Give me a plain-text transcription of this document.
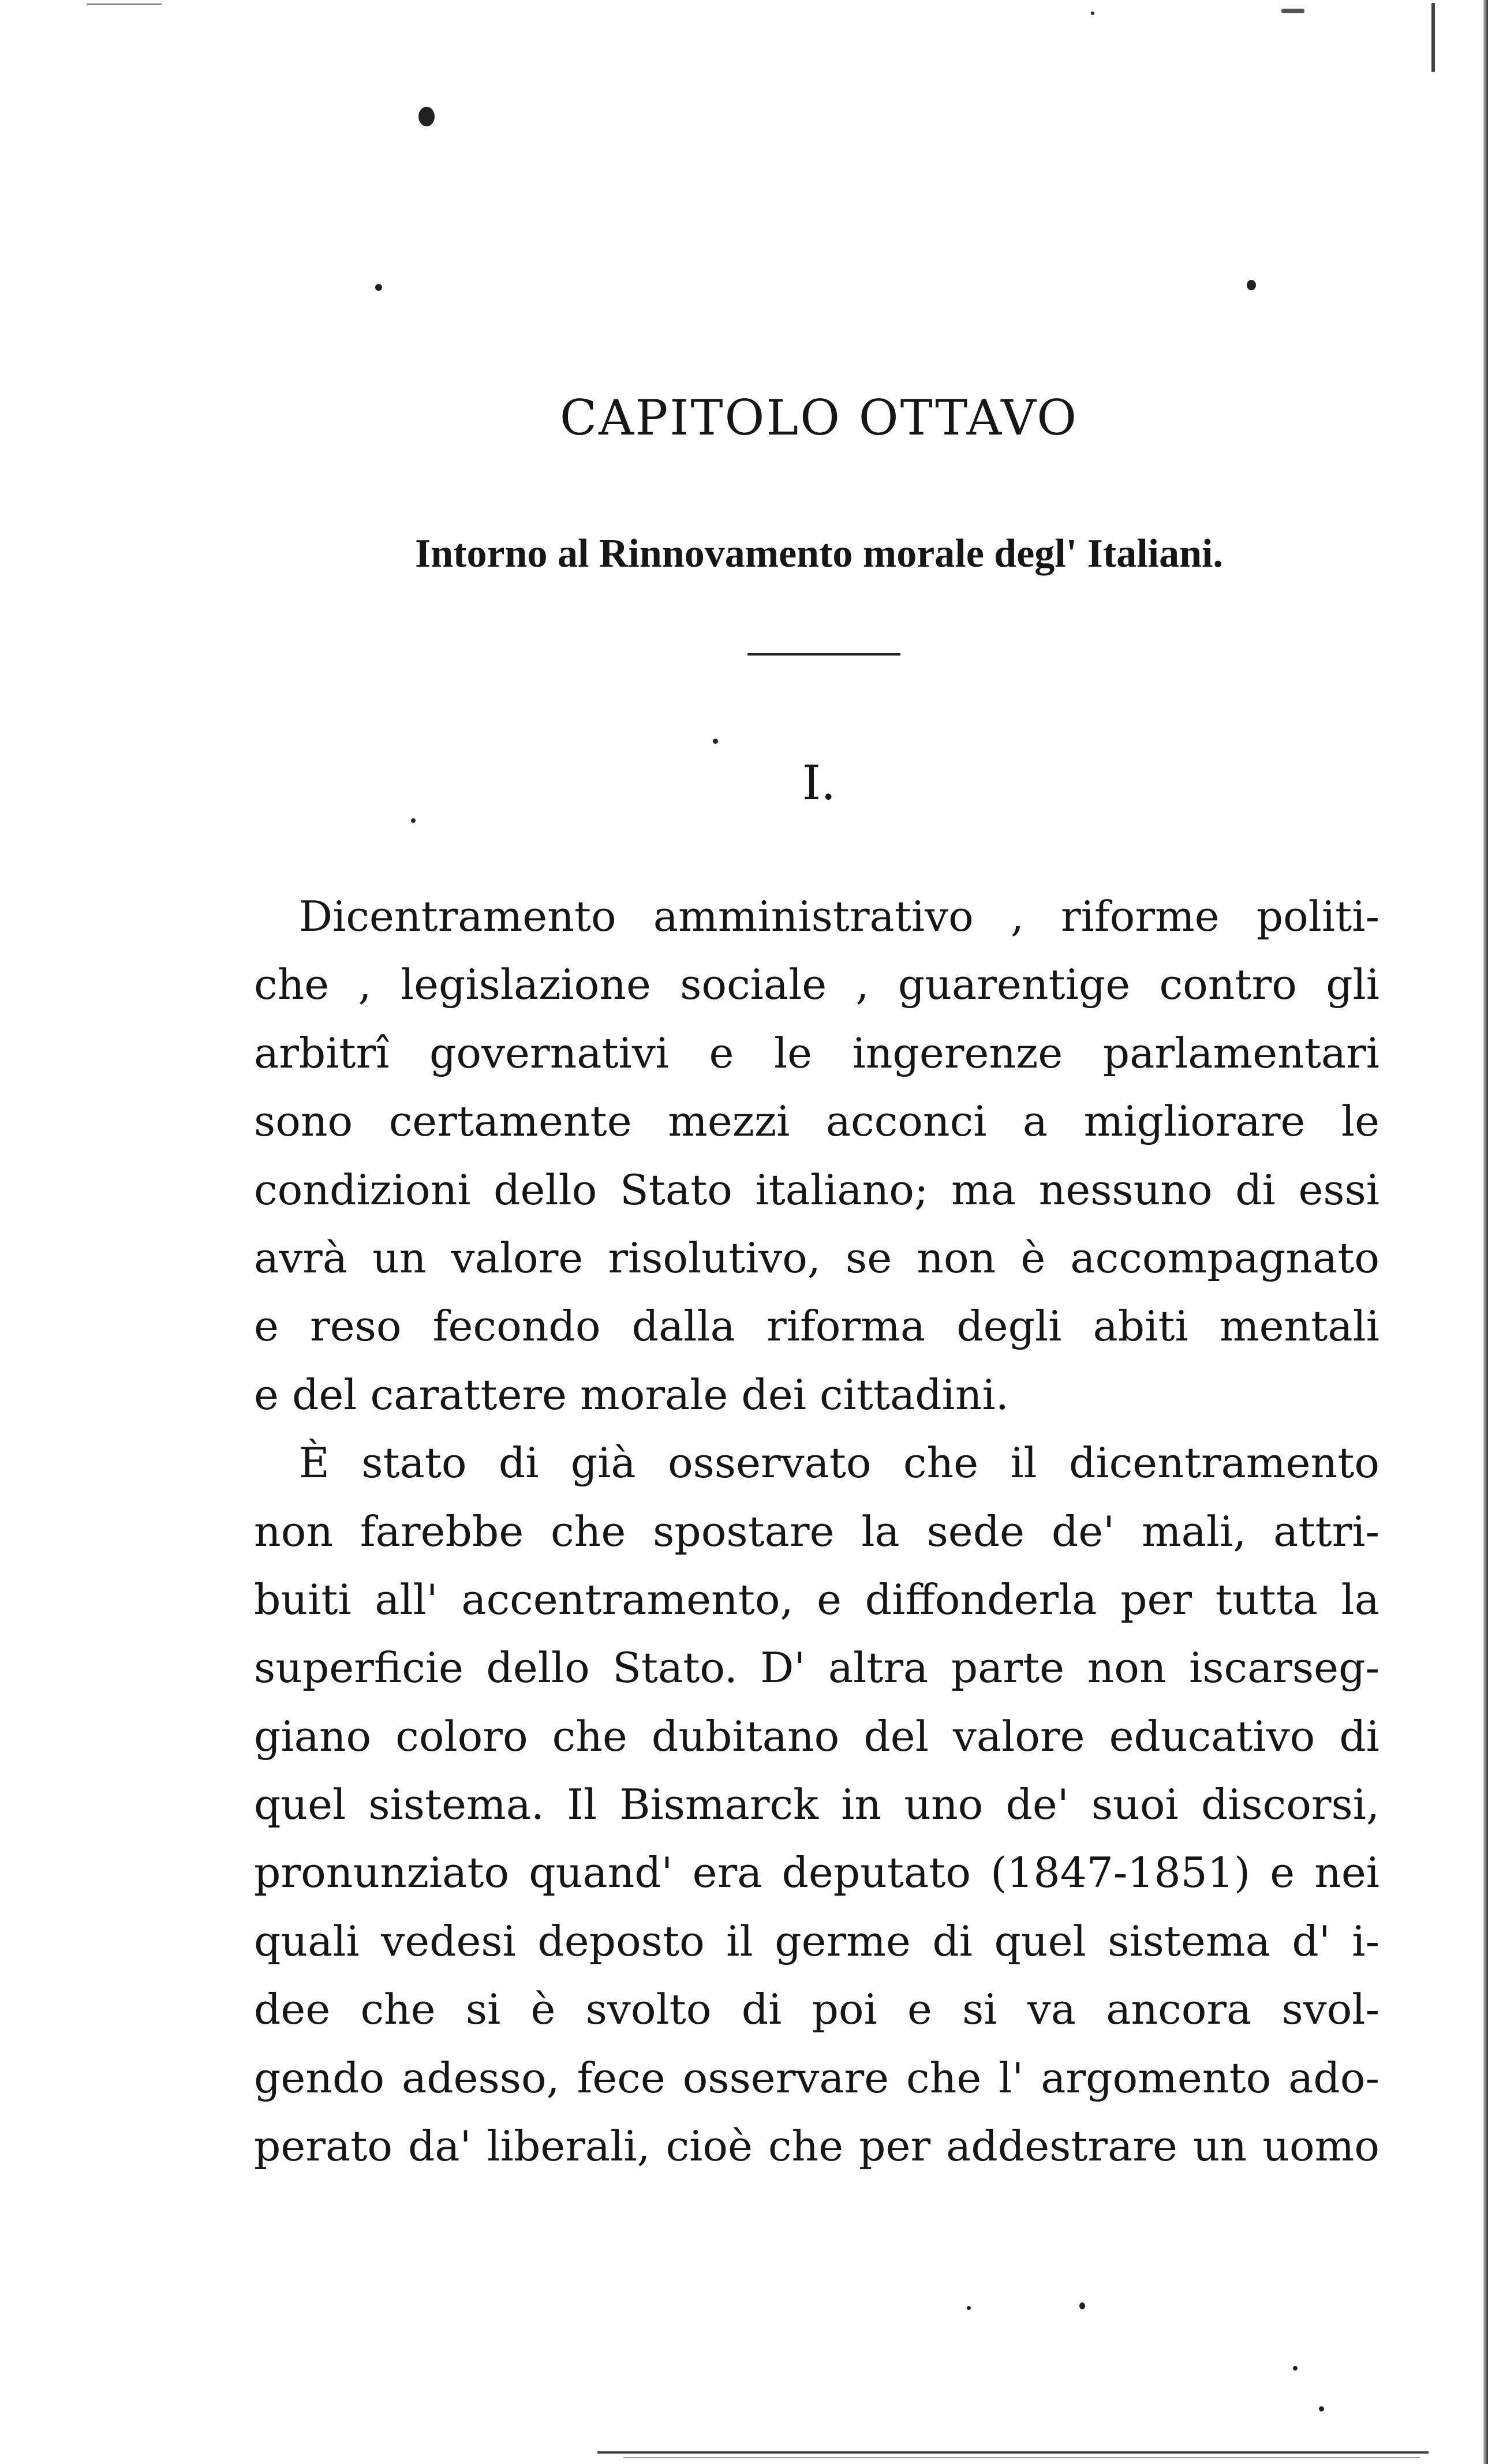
CAPITOLO OTTAVO
Intorno al Rinnovamento morale degl' Italiani.
I.
Dicentramento amministrativo , riforme politi-
che , legislazione sociale , guarentige contro gli
arbitrî governativi e le ingerenze parlamentari
sono certamente mezzi acconci a migliorare le
condizioni dello Stato italiano; ma nessuno di essi
avrà un valore risolutivo, se non è accompagnato
e reso fecondo dalla riforma degli abiti mentali
e del carattere morale dei cittadini.
È stato di già osservato che il dicentramento
non farebbe che spostare la sede de' mali, attri-
buiti all' accentramento, e diffonderla per tutta la
superficie dello Stato. D' altra parte non iscarseg-
giano coloro che dubitano del valore educativo di
quel sistema. Il Bismarck in uno de' suoi discorsi,
pronunziato quand' era deputato (1847-1851) e nei
quali vedesi deposto il germe di quel sistema d' i-
dee che si è svolto di poi e si va ancora svol-
gendo adesso, fece osservare che l' argomento ado-
perato da' liberali, cioè che per addestrare un uomo
